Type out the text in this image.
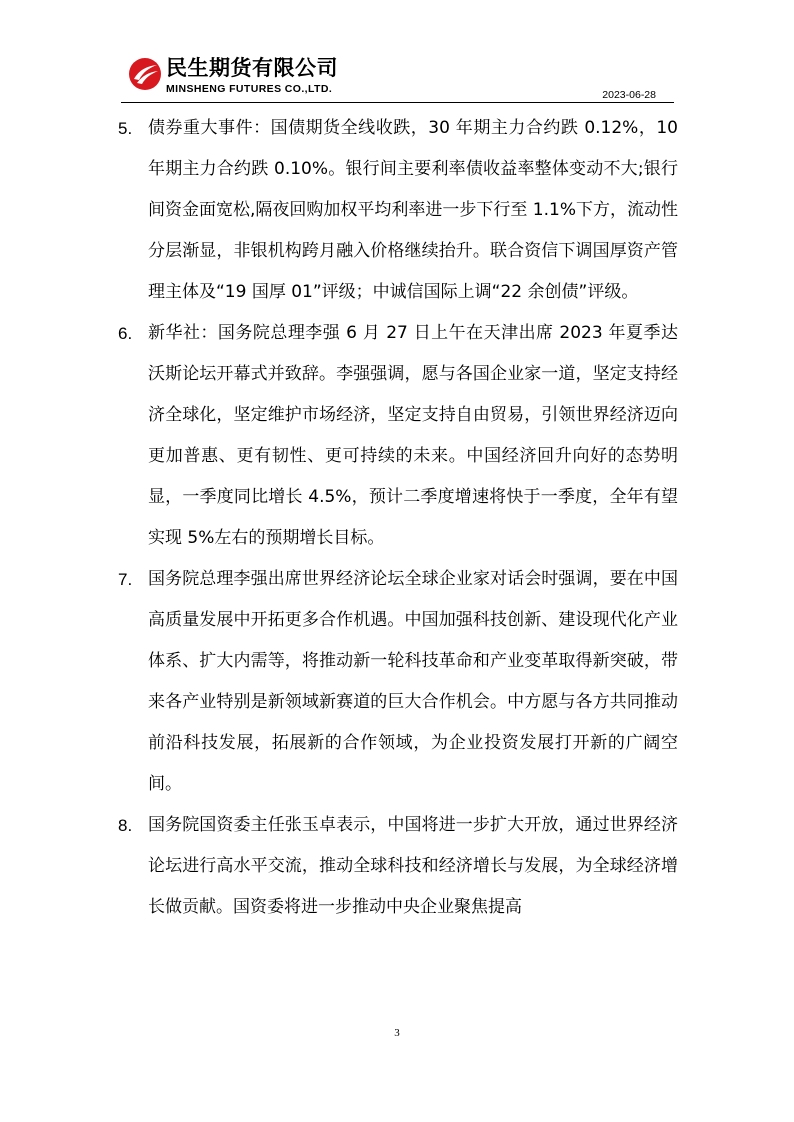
民生期货有限公司
MINSHENG FUTURES CO.,LTD.	2023-06-28
5. 债券重大事件：国债期货全线收跌，30 年期主力合约跌 0.12%，10 年期主力合约跌 0.10%。银行间主要利率债收益率整体变动不大;银行间资金面宽松,隔夜回购加权平均利率进一步下行至 1.1%下方，流动性分层渐显，非银机构跨月融入价格继续抬升。联合资信下调国厚资产管理主体及“19 国厚 01”评级；中诚信国际上调“22 余创债”评级。
6. 新华社：国务院总理李强 6 月 27 日上午在天津出席 2023 年夏季达沃斯论坛开幕式并致辞。李强强调，愿与各国企业家一道，坚定支持经济全球化，坚定维护市场经济，坚定支持自由贸易，引领世界经济迈向更加普惠、更有韧性、更可持续的未来。中国经济回升向好的态势明显，一季度同比增长 4.5%，预计二季度增速将快于一季度，全年有望实现 5%左右的预期增长目标。
7. 国务院总理李强出席世界经济论坛全球企业家对话会时强调，要在中国高质量发展中开拓更多合作机遇。中国加强科技创新、建设现代化产业体系、扩大内需等，将推动新一轮科技革命和产业变革取得新突破，带来各产业特别是新领域新赛道的巨大合作机会。中方愿与各方共同推动前沿科技发展，拓展新的合作领域，为企业投资发展打开新的广阔空间。
8. 国务院国资委主任张玉卓表示，中国将进一步扩大开放，通过世界经济论坛进行高水平交流，推动全球科技和经济增长与发展，为全球经济增长做贡献。国资委将进一步推动中央企业聚焦提高
3
